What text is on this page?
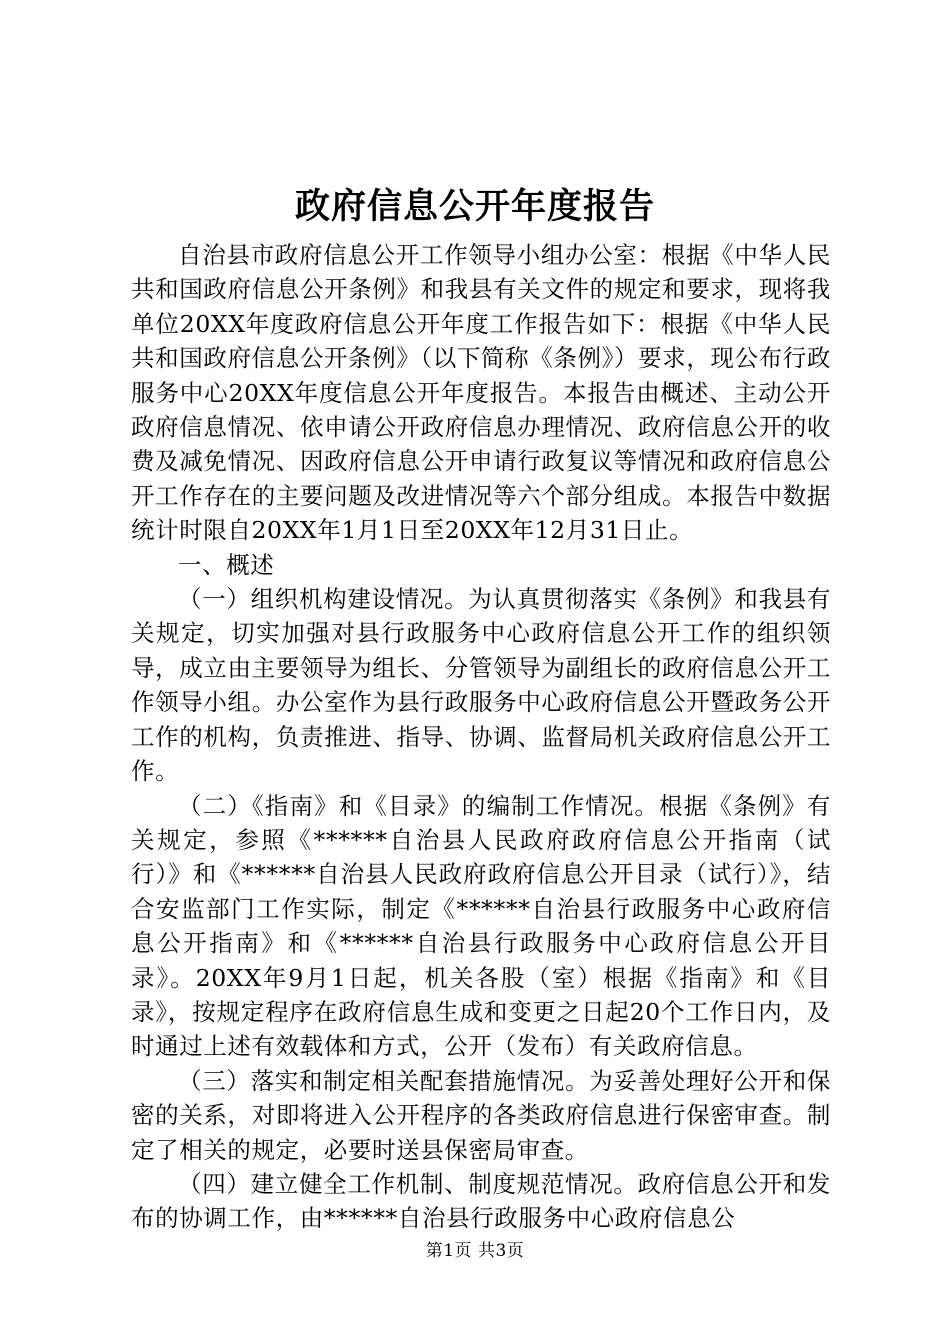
政府信息公开年度报告

自治县市政府信息公开工作领导小组办公室：根据《中华人民共和国政府信息公开条例》和我县有关文件的规定和要求，现将我单位20XX年度政府信息公开年度工作报告如下：根据《中华人民共和国政府信息公开条例》（以下简称《条例》）要求，现公布行政服务中心20XX年度信息公开年度报告。本报告由概述、主动公开政府信息情况、依申请公开政府信息办理情况、政府信息公开的收费及减免情况、因政府信息公开申请行政复议等情况和政府信息公开工作存在的主要问题及改进情况等六个部分组成。本报告中数据统计时限自20XX年1月1日至20XX年12月31日止。

一、概述

（一）组织机构建设情况。为认真贯彻落实《条例》和我县有关规定，切实加强对县行政服务中心政府信息公开工作的组织领导，成立由主要领导为组长、分管领导为副组长的政府信息公开工作领导小组。办公室作为县行政服务中心政府信息公开暨政务公开工作的机构，负责推进、指导、协调、监督局机关政府信息公开工作。

（二）《指南》和《目录》的编制工作情况。根据《条例》有关规定，参照《******自治县人民政府政府信息公开指南（试行）》和《******自治县人民政府政府信息公开目录（试行）》，结合安监部门工作实际，制定《******自治县行政服务中心政府信息公开指南》和《******自治县行政服务中心政府信息公开目录》。20XX年9月1日起，机关各股（室）根据《指南》和《目录》，按规定程序在政府信息生成和变更之日起20个工作日内，及时通过上述有效载体和方式，公开（发布）有关政府信息。

（三）落实和制定相关配套措施情况。为妥善处理好公开和保密的关系，对即将进入公开程序的各类政府信息进行保密审查。制定了相关的规定，必要时送县保密局审查。

（四）建立健全工作机制、制度规范情况。政府信息公开和发布的协调工作，由******自治县行政服务中心政府信息公

第1页 共3页
